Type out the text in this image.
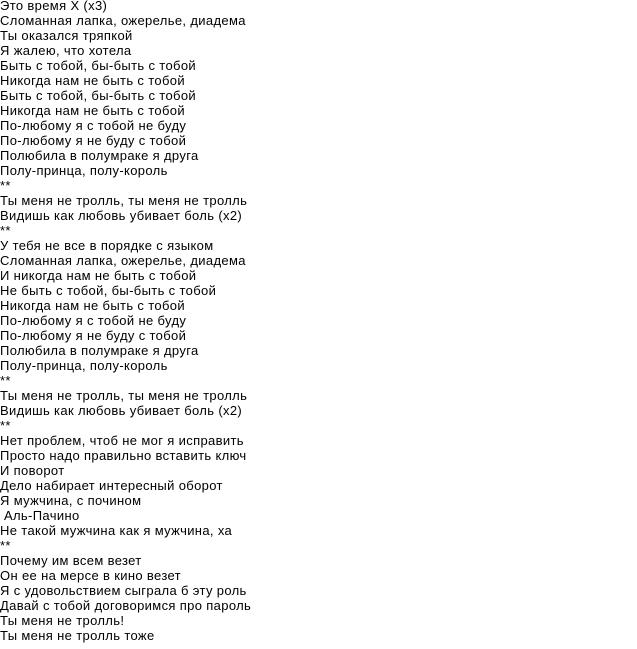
Это время Х (х3)
Сломанная лапка, ожерелье, диадема
Ты оказался тряпкой
Я жалею, что хотела
Быть с тобой, бы-быть с тобой
Никогда нам не быть с тобой
Быть с тобой, бы-быть с тобой
Никогда нам не быть с тобой
По-любому я с тобой не буду
По-любому я не буду с тобой
Полюбила в полумраке я друга
Полу-принца, полу-король
**
Ты меня не тролль, ты меня не тролль
Видишь как любовь убивает боль (х2)
**
У тебя не все в порядке с языком
Сломанная лапка, ожерелье, диадема
И никогда нам не быть с тобой
Не быть с тобой, бы-быть с тобой
Никогда нам не быть с тобой
По-любому я с тобой не буду
По-любому я не буду с тобой
Полюбила в полумраке я друга
Полу-принца, полу-король
**
Ты меня не тролль, ты меня не тролль
Видишь как любовь убивает боль (х2)
**
Нет проблем, чтоб не мог я исправить
Просто надо правильно вставить ключ
И поворот
Дело набирает интересный оборот
Я мужчина, с почином
Аль-Пачино
Не такой мужчина как я мужчина, ха
**
Почему им всем везет
Он ее на мерсе в кино везет
Я с удовольствием сыграла б эту роль
Давай с тобой договоримся про пароль
Ты меня не тролль!
Ты меня не тролль тоже
